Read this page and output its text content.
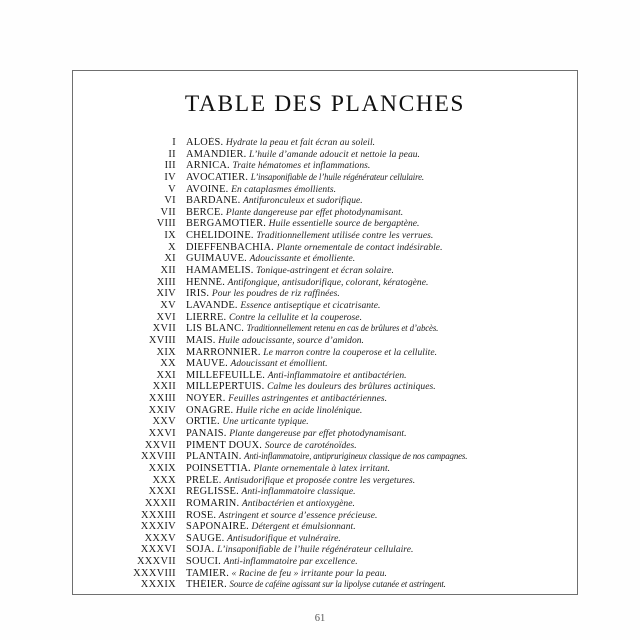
TABLE DES PLANCHES
I ALOÈS. Hydrate la peau et fait écran au soleil.
II AMANDIER. L’huile d’amande adoucit et nettoie la peau.
III ARNICA. Traite hématomes et inflammations.
IV AVOCATIER. L’insaponifiable de l’huile régénérateur cellulaire.
V AVOINE. En cataplasmes émollients.
VI BARDANE. Antifuronculeux et sudorifique.
VII BERCE. Plante dangereuse par effet photodynamisant.
VIII BERGAMOTIER. Huile essentielle source de bergaptène.
IX CHÉLIDOINE. Traditionnellement utilisée contre les verrues.
X DIEFFENBACHIA. Plante ornementale de contact indésirable.
XI GUIMAUVE. Adoucissante et émolliente.
XII HAMAMÉLIS. Tonique-astringent et écran solaire.
XIII HENNÉ. Antifongique, antisudorifique, colorant, kératogène.
XIV IRIS. Pour les poudres de riz raffinées.
XV LAVANDE. Essence antiseptique et cicatrisante.
XVI LIERRE. Contre la cellulite et la couperose.
XVII LIS BLANC. Traditionnellement retenu en cas de brûlures et d’abcès.
XVIII MAIS. Huile adoucissante, source d’amidon.
XIX MARRONNIER. Le marron contre la couperose et la cellulite.
XX MAUVE. Adoucissant et émollient.
XXI MILLEFEUILLE. Anti-inflammatoire et antibactérien.
XXII MILLEPERTUIS. Calme les douleurs des brûlures actiniques.
XXIII NOYER. Feuilles astringentes et antibactériennes.
XXIV ONAGRE. Huile riche en acide linolénique.
XXV ORTIE. Une urticante typique.
XXVI PANAIS. Plante dangereuse par effet photodynamisant.
XXVII PIMENT DOUX. Source de caroténoïdes.
XXVIII PLANTAIN. Anti-inflammatoire, antiprurigineux classique de nos campagnes.
XXIX POINSETTIA. Plante ornementale à latex irritant.
XXX PRÊLE. Antisudorifique et proposée contre les vergetures.
XXXI RÉGLISSE. Anti-inflammatoire classique.
XXXII ROMARIN. Antibactérien et antioxygène.
XXXIII ROSE. Astringent et source d’essence précieuse.
XXXIV SAPONAIRE. Détergent et émulsionnant.
XXXV SAUGE. Antisudorifique et vulnéraire.
XXXVI SOJA. L’insaponifiable de l’huile régénérateur cellulaire.
XXXVII SOUCI. Anti-inflammatoire par excellence.
XXXVIII TAMIER. « Racine de feu » irritante pour la peau.
XXXIX THÉIER. Source de caféine agissant sur la lipolyse cutanée et astringent.
61
